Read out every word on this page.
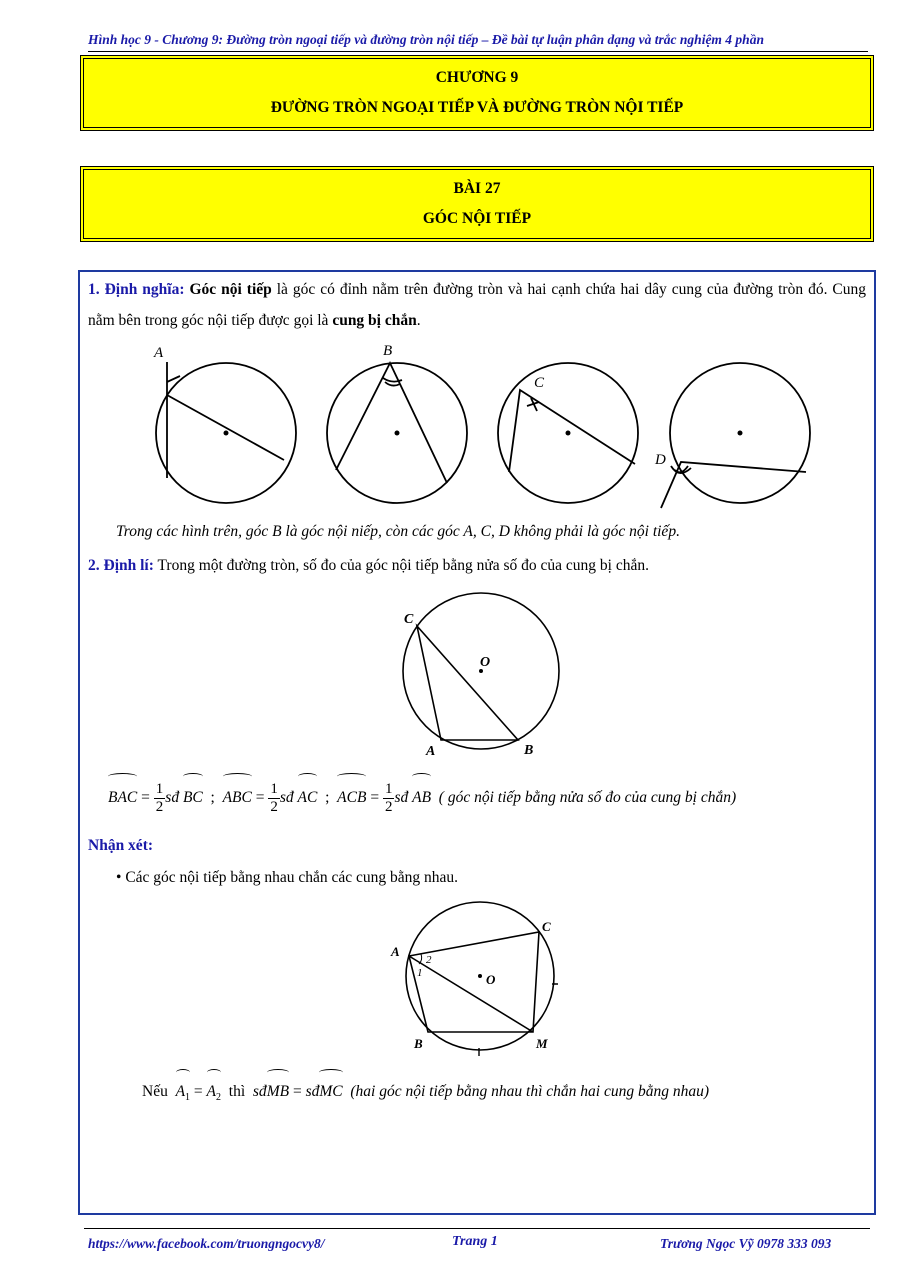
Hình học 9 - Chương 9: Đường tròn ngoại tiếp và đường tròn nội tiếp – Đề bài tự luận phân dạng và trắc nghiệm 4 phần
CHƯƠNG 9
ĐƯỜNG TRÒN NGOẠI TIẾP VÀ ĐƯỜNG TRÒN NỘI TIẾP
BÀI 27
GÓC NỘI TIẾP
1. Định nghĩa: Góc nội tiếp là góc có đỉnh nằm trên đường tròn và hai cạnh chứa hai dây cung của đường tròn đó. Cung nằm bên trong góc nội tiếp được gọi là cung bị chắn.
A	B
C
D
Trong các hình trên, góc B là góc nội niếp, còn các góc A, C, D không phải là góc nội tiếp.
2. Định lí: Trong một đường tròn, số đo của góc nội tiếp bằng nửa số đo của cung bị chắn.
C
O
A	B
BAC = $\frac{1}{2}$ sđ BC ; ABC = $\frac{1}{2}$ sđ AC ; ACB = $\frac{1}{2}$ sđ AB ( góc nội tiếp bằng nửa số đo của cung bị chắn)
Nhận xét:
• Các góc nội tiếp bằng nhau chắn các cung bằng nhau.
A
C
O
B	M
1
2
Nếu $A_1 = A_2$ thì sđMB = sđMC (hai góc nội tiếp bằng nhau thì chắn hai cung bằng nhau)
https://www.facebook.com/truongngocvy8/	Trang 1	Trương Ngọc Vỹ 0978 333 093
